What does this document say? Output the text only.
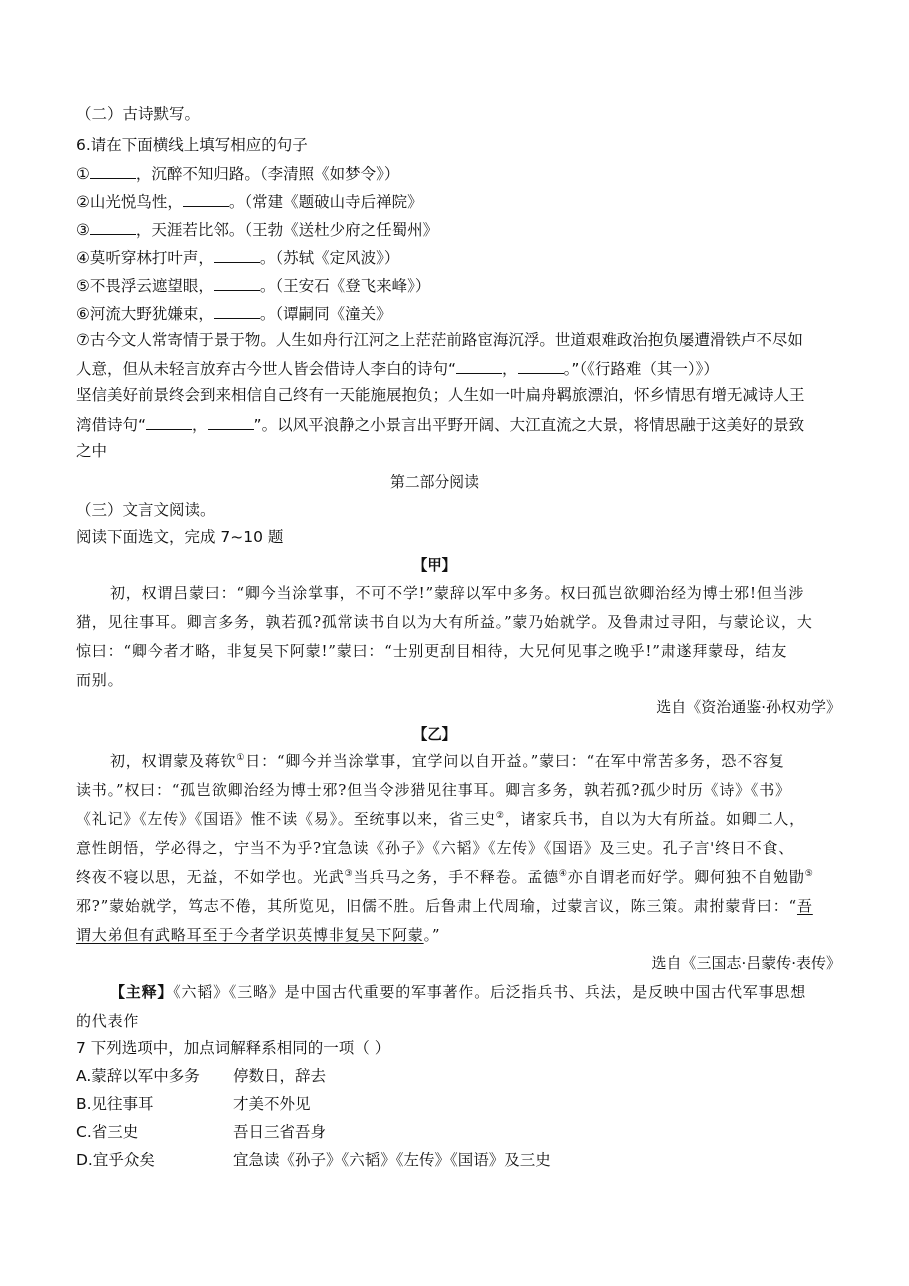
（二）古诗默写。
6.请在下面横线上填写相应的句子
①	，沉醉不知归路。（李清照《如梦令》）
②山光悦鸟性，	。（常建《题破山寺后禅院》
③	，天涯若比邻。（王勃《送杜少府之任蜀州》
④莫听穿林打叶声，	。（苏轼《定风波》）
⑤不畏浮云遮望眼，	。（王安石《登飞来峰》）
⑥河流大野犹嫌束，	。（谭嗣同《潼关》
⑦古今文人常寄情于景于物。人生如舟行江河之上茫茫前路宦海沉浮。世道艰难政治抱负屡遭滑铁卢不尽如
人意，但从未轻言放弃古今世人皆会借诗人李白的诗句“	，	。”（《行路难（其一）》）
坚信美好前景终会到来相信自己终有一天能施展抱负；人生如一叶扁舟羁旅漂泊，怀乡情思有增无减诗人王
湾借诗句“	，	”。以风平浪静之小景言出平野开阔、大江直流之大景，将情思融于这美好的景致
之中
第二部分阅读
（三）文言文阅读。
阅读下面选文，完成 7~10 题
【甲】
初，权谓吕蒙曰：“卿今当涂掌事，不可不学!”蒙辞以军中多务。权曰孤岂欲卿治经为博士邪!但当涉
猎，见往事耳。卿言多务，孰若孤?孤常读书自以为大有所益。”蒙乃始就学。及鲁肃过寻阳，与蒙论议，大
惊曰：“卿今者才略，非复吴下阿蒙!”蒙曰：“士别更刮目相待，大兄何见事之晚乎!”肃遂拜蒙母，结友
而别。
选自《资治通鉴·孙权劝学》
【乙】
初，权谓蒙及蒋钦①日：“卿今并当涂掌事，宜学问以自开益。”蒙曰：“在军中常苦多务，恐不容复
读书。”权曰：“孤岂欲卿治经为博士邪?但当令涉猎见往事耳。卿言多务，孰若孤?孤少时历《诗》《书》
《礼记》《左传》《国语》惟不读《易》。至统事以来，省三史②，诸家兵书，自以为大有所益。如卿二人，
意性朗悟，学必得之，宁当不为乎?宜急读《孙子》《六韬》《左传》《国语》及三史。孔子言'终日不食、
终夜不寝以思，无益，不如学也。光武③当兵马之务，手不释卷。孟德④亦自谓老而好学。卿何独不自勉勖⑤
邪?”蒙始就学，笃志不倦，其所览见，旧儒不胜。后鲁肃上代周瑜，过蒙言议，陈三策。肃拊蒙背曰：“吾
谓大弟但有武略耳至于今者学识英博非复吴下阿蒙。”
选自《三国志·吕蒙传·表传》
【主释】《六韬》《三略》是中国古代重要的军事著作。后泛指兵书、兵法，是反映中国古代军事思想
的代表作
7 下列选项中，加点词解释系相同的一项（ ）
A.蒙辞以军中多务 停数日，辞去
B.见往事耳	才美不外见
C.省三史	吾日三省吾身
D.宜乎众矣	宜急读《孙子》《六韬》《左传》《国语》及三史
